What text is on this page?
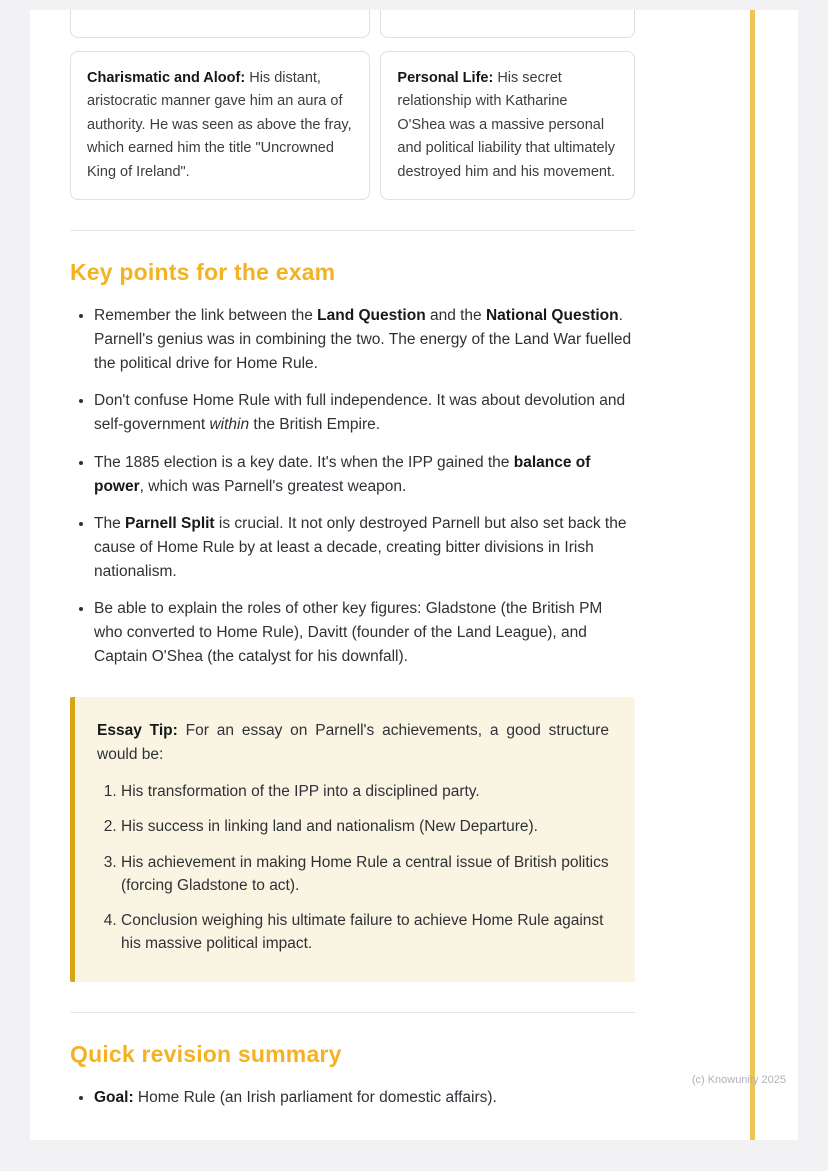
Charismatic and Aloof: His distant, aristocratic manner gave him an aura of authority. He was seen as above the fray, which earned him the title "Uncrowned King of Ireland".

Personal Life: His secret relationship with Katharine O'Shea was a massive personal and political liability that ultimately destroyed him and his movement.

Key points for the exam
• Remember the link between the Land Question and the National Question. Parnell's genius was in combining the two. The energy of the Land War fuelled the political drive for Home Rule.
• Don't confuse Home Rule with full independence. It was about devolution and self-government within the British Empire.
• The 1885 election is a key date. It's when the IPP gained the balance of power, which was Parnell's greatest weapon.
• The Parnell Split is crucial. It not only destroyed Parnell but also set back the cause of Home Rule by at least a decade, creating bitter divisions in Irish nationalism.
• Be able to explain the roles of other key figures: Gladstone (the British PM who converted to Home Rule), Davitt (founder of the Land League), and Captain O'Shea (the catalyst for his downfall).

Essay Tip: For an essay on Parnell's achievements, a good structure would be:

1. His transformation of the IPP into a disciplined party.
2. His success in linking land and nationalism (New Departure).
3. His achievement in making Home Rule a central issue of British politics (forcing Gladstone to act).
4. Conclusion weighing his ultimate failure to achieve Home Rule against his massive political impact.
Quick revision summary
• Goal: Home Rule (an Irish parliament for domestic affairs).
(c) Knowunity 2025
